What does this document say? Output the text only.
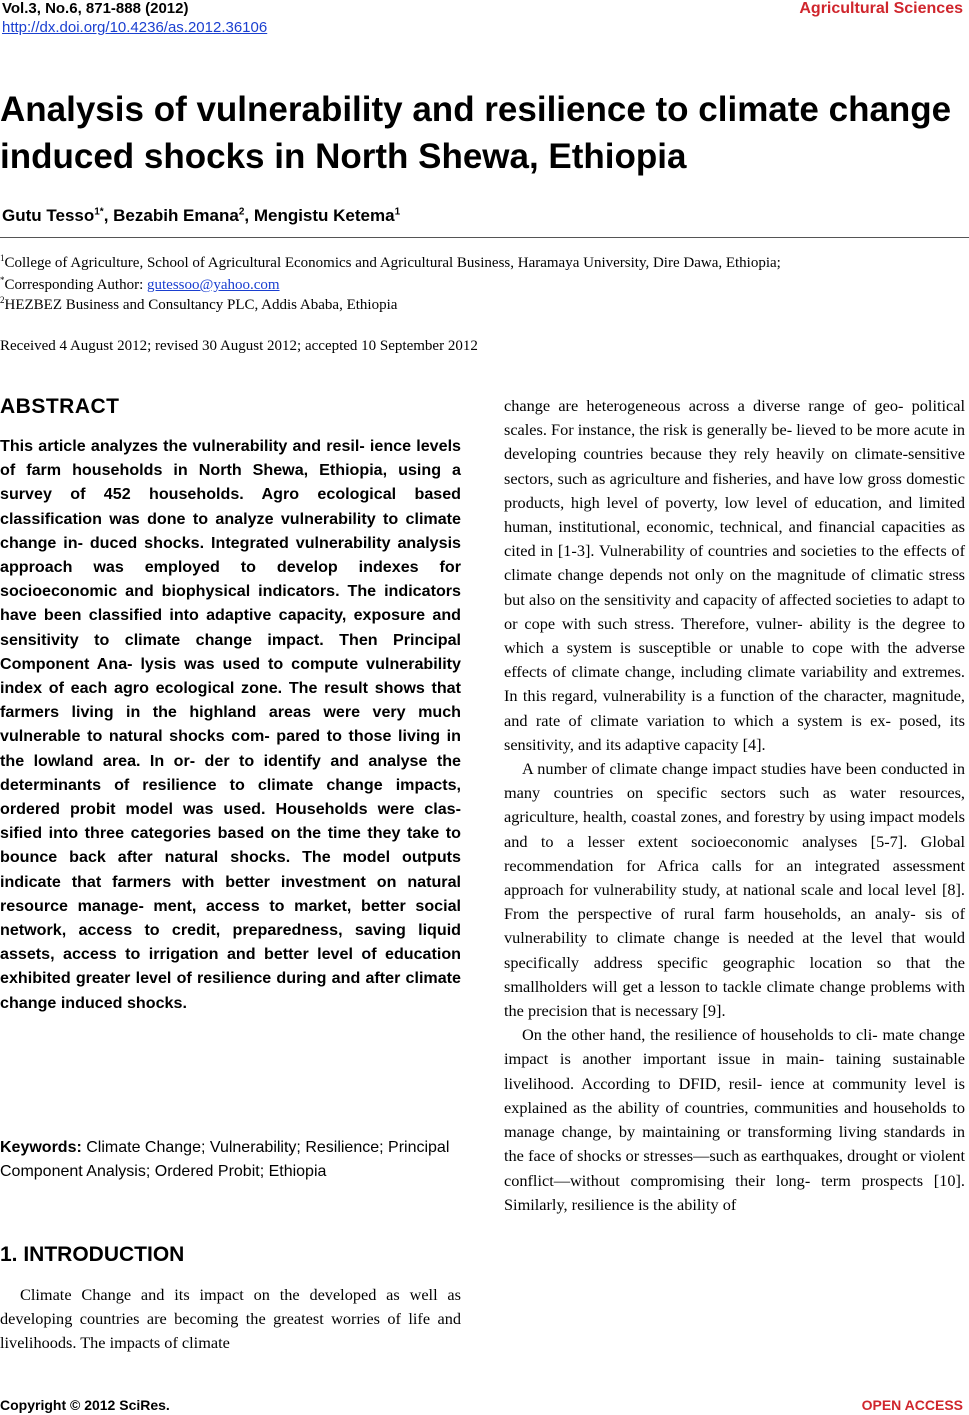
Vol.3, No.6, 871-888 (2012)
http://dx.doi.org/10.4236/as.2012.36106
Agricultural Sciences
Analysis of vulnerability and resilience to climate change induced shocks in North Shewa, Ethiopia
Gutu Tesso$^{1*}$, Bezabih Emana$^2$, Mengistu Ketema$^1$
$^1$College of Agriculture, School of Agricultural Economics and Agricultural Business, Haramaya University, Dire Dawa, Ethiopia;
*Corresponding Author: gutessoo@yahoo.com
$^2$HEZBEZ Business and Consultancy PLC, Addis Ababa, Ethiopia
Received 4 August 2012; revised 30 August 2012; accepted 10 September 2012
ABSTRACT
This article analyzes the vulnerability and resil- ience levels of farm households in North Shewa, Ethiopia, using a survey of 452 households. Agro ecological based classification was done to analyze vulnerability to climate change in- duced shocks. Integrated vulnerability analysis approach was employed to develop indexes for socioeconomic and biophysical indicators. The indicators have been classified into adaptive capacity, exposure and sensitivity to climate change impact. Then Principal Component Ana- lysis was used to compute vulnerability index of each agro ecological zone. The result shows that farmers living in the highland areas were very much vulnerable to natural shocks com- pared to those living in the lowland area. In or- der to identify and analyse the determinants of resilience to climate change impacts, ordered probit model was used. Households were clas- sified into three categories based on the time they take to bounce back after natural shocks. The model outputs indicate that farmers with better investment on natural resource manage- ment, access to market, better social network, access to credit, preparedness, saving liquid assets, access to irrigation and better level of education exhibited greater level of resilience during and after climate change induced shocks.
Keywords: Climate Change; Vulnerability; Resilience; Principal Component Analysis; Ordered Probit; Ethiopia
1. INTRODUCTION
Climate Change and its impact on the developed as well as developing countries are becoming the greatest worries of life and livelihoods. The impacts of climate

change are heterogeneous across a diverse range of geo- political scales. For instance, the risk is generally be- lieved to be more acute in developing countries because they rely heavily on climate-sensitive sectors, such as agriculture and fisheries, and have low gross domestic products, high level of poverty, low level of education, and limited human, institutional, economic, technical, and financial capacities as cited in [1-3]. Vulnerability of countries and societies to the effects of climate change depends not only on the magnitude of climatic stress but also on the sensitivity and capacity of affected societies to adapt to or cope with such stress. Therefore, vulner- ability is the degree to which a system is susceptible or unable to cope with the adverse effects of climate change, including climate variability and extremes. In this regard, vulnerability is a function of the character, magnitude, and rate of climate variation to which a system is ex- posed, its sensitivity, and its adaptive capacity [4].

A number of climate change impact studies have been conducted in many countries on specific sectors such as water resources, agriculture, health, coastal zones, and forestry by using impact models and to a lesser extent socioeconomic analyses [5-7]. Global recommendation for Africa calls for an integrated assessment approach for vulnerability study, at national scale and local level [8]. From the perspective of rural farm households, an analy- sis of vulnerability to climate change is needed at the level that would specifically address specific geographic location so that the smallholders will get a lesson to tackle climate change problems with the precision that is necessary [9].

On the other hand, the resilience of households to cli- mate change impact is another important issue in main- taining sustainable livelihood. According to DFID, resil- ience at community level is explained as the ability of countries, communities and households to manage change, by maintaining or transforming living standards in the face of shocks or stresses—such as earthquakes, drought or violent conflict—without compromising their long- term prospects [10]. Similarly, resilience is the ability of

Copyright © 2012 SciRes.	OPEN ACCESS
